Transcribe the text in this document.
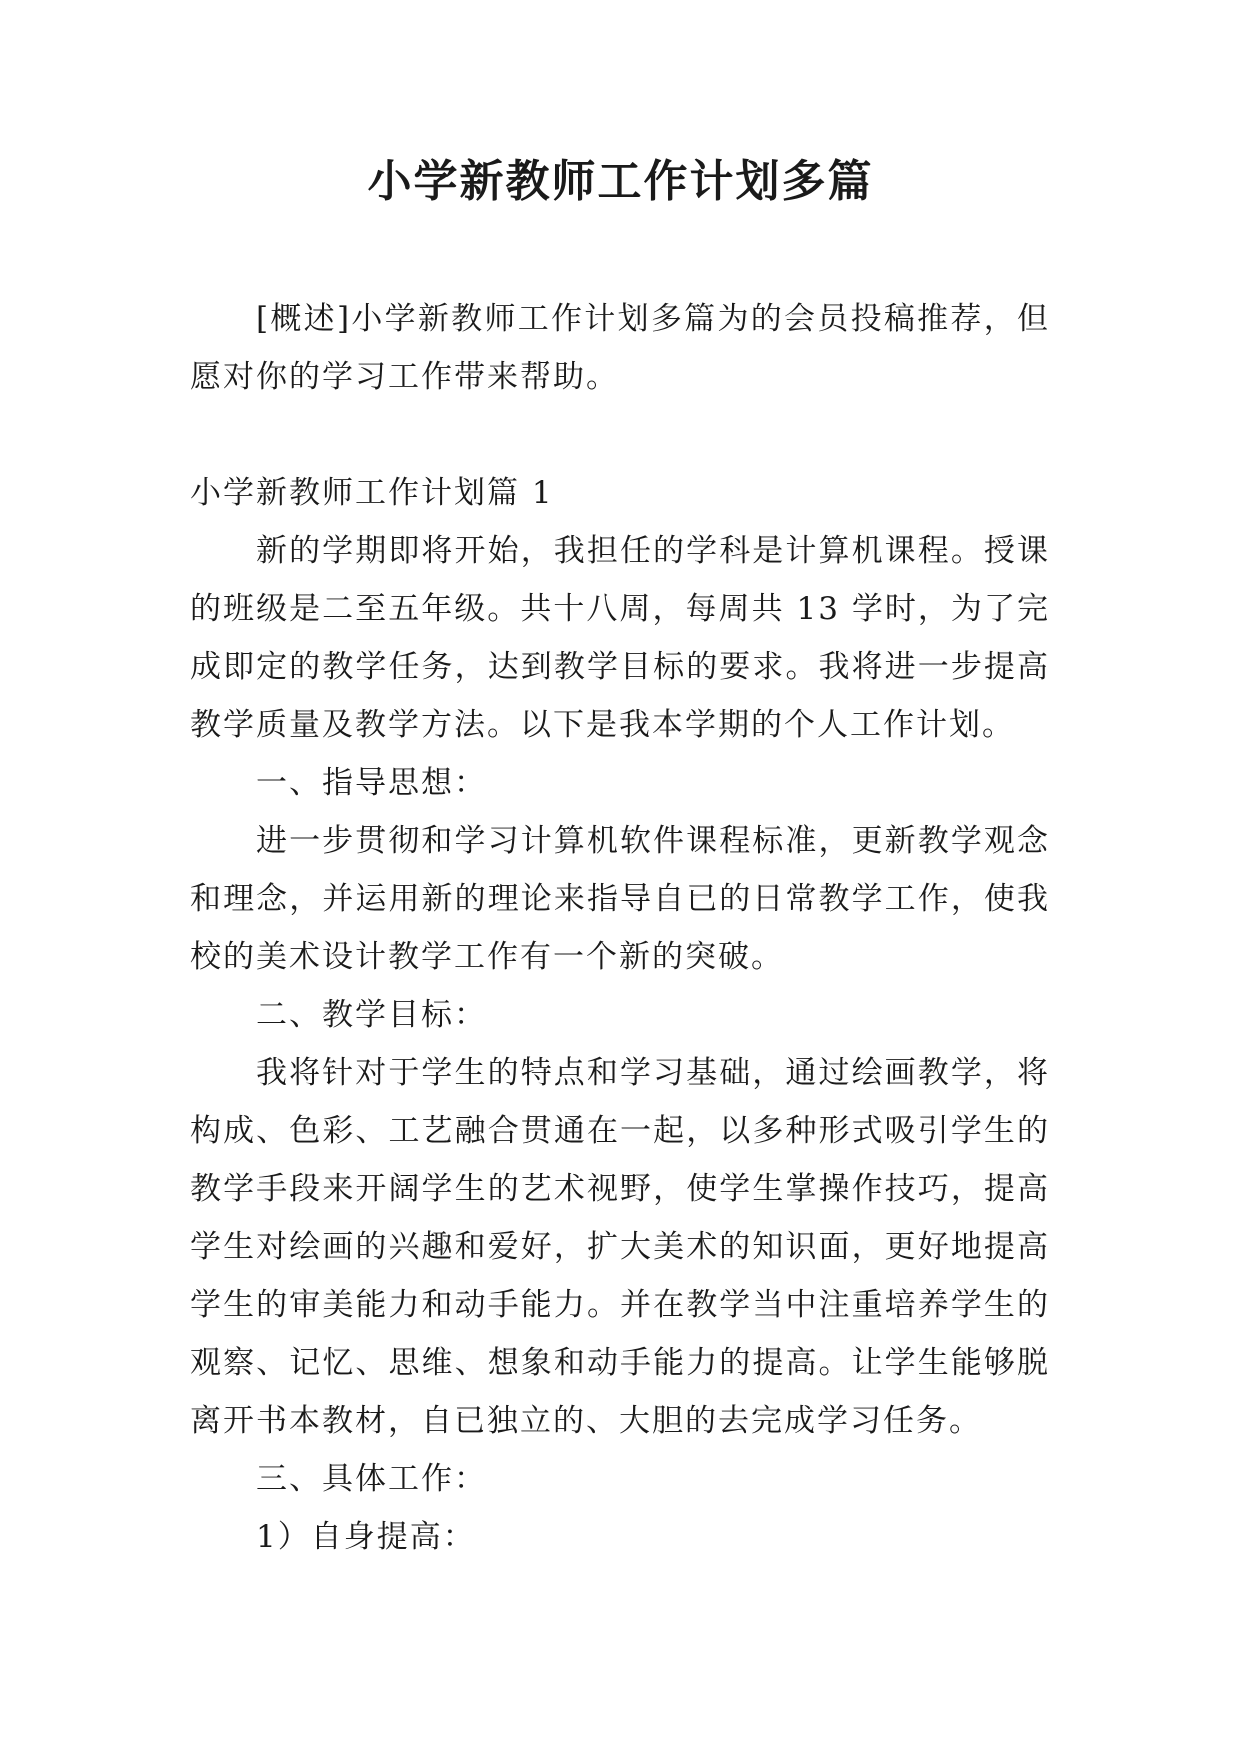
小学新教师工作计划多篇

[概述]小学新教师工作计划多篇为的会员投稿推荐，但愿对你的学习工作带来帮助。

小学新教师工作计划篇 1

新的学期即将开始，我担任的学科是计算机课程。授课的班级是二至五年级。共十八周，每周共 13 学时，为了完成即定的教学任务，达到教学目标的要求。我将进一步提高教学质量及教学方法。以下是我本学期的个人工作计划。

一、指导思想：

进一步贯彻和学习计算机软件课程标准，更新教学观念和理念，并运用新的理论来指导自已的日常教学工作，使我校的美术设计教学工作有一个新的突破。

二、教学目标：

我将针对于学生的特点和学习基础，通过绘画教学，将构成、色彩、工艺融合贯通在一起，以多种形式吸引学生的教学手段来开阔学生的艺术视野，使学生掌操作技巧，提高学生对绘画的兴趣和爱好，扩大美术的知识面，更好地提高学生的审美能力和动手能力。并在教学当中注重培养学生的观察、记忆、思维、想象和动手能力的提高。让学生能够脱离开书本教材，自已独立的、大胆的去完成学习任务。

三、具体工作：

1）自身提高：
